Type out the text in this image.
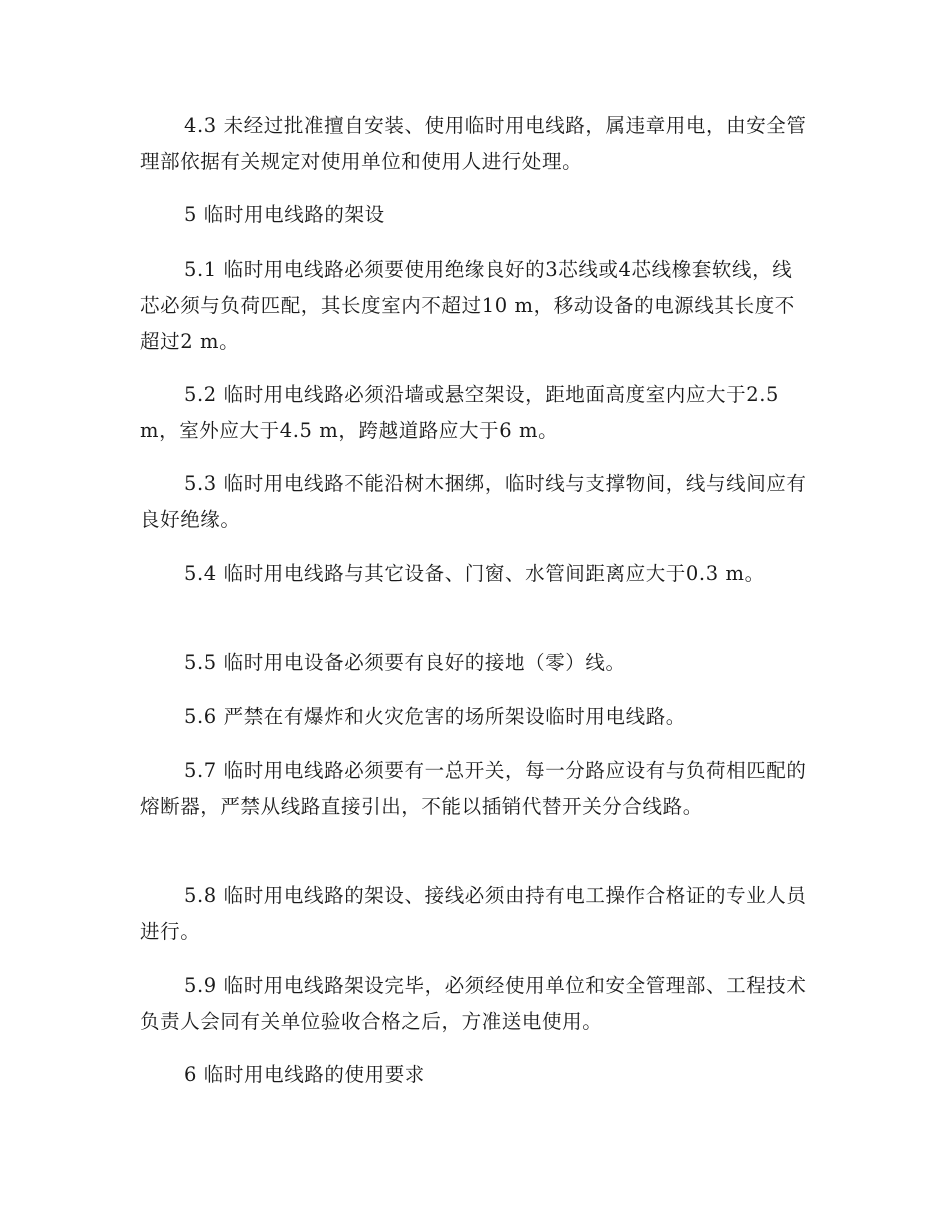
4.3 未经过批准擅自安装、使用临时用电线路，属违章用电，由安全管理部依据有关规定对使用单位和使用人进行处理。

5 临时用电线路的架设

5.1 临时用电线路必须要使用绝缘良好的3芯线或4芯线橡套软线，线芯必须与负荷匹配，其长度室内不超过10 m，移动设备的电源线其长度不超过2 m。

5.2 临时用电线路必须沿墙或悬空架设，距地面高度室内应大于2.5 m，室外应大于4.5 m，跨越道路应大于6 m。

5.3 临时用电线路不能沿树木捆绑，临时线与支撑物间，线与线间应有良好绝缘。

5.4 临时用电线路与其它设备、门窗、水管间距离应大于0.3 m。

5.5 临时用电设备必须要有良好的接地（零）线。

5.6 严禁在有爆炸和火灾危害的场所架设临时用电线路。

5.7 临时用电线路必须要有一总开关，每一分路应设有与负荷相匹配的熔断器，严禁从线路直接引出，不能以插销代替开关分合线路。

5.8 临时用电线路的架设、接线必须由持有电工操作合格证的专业人员进行。

5.9 临时用电线路架设完毕，必须经使用单位和安全管理部、工程技术负责人会同有关单位验收合格之后，方准送电使用。

6 临时用电线路的使用要求
